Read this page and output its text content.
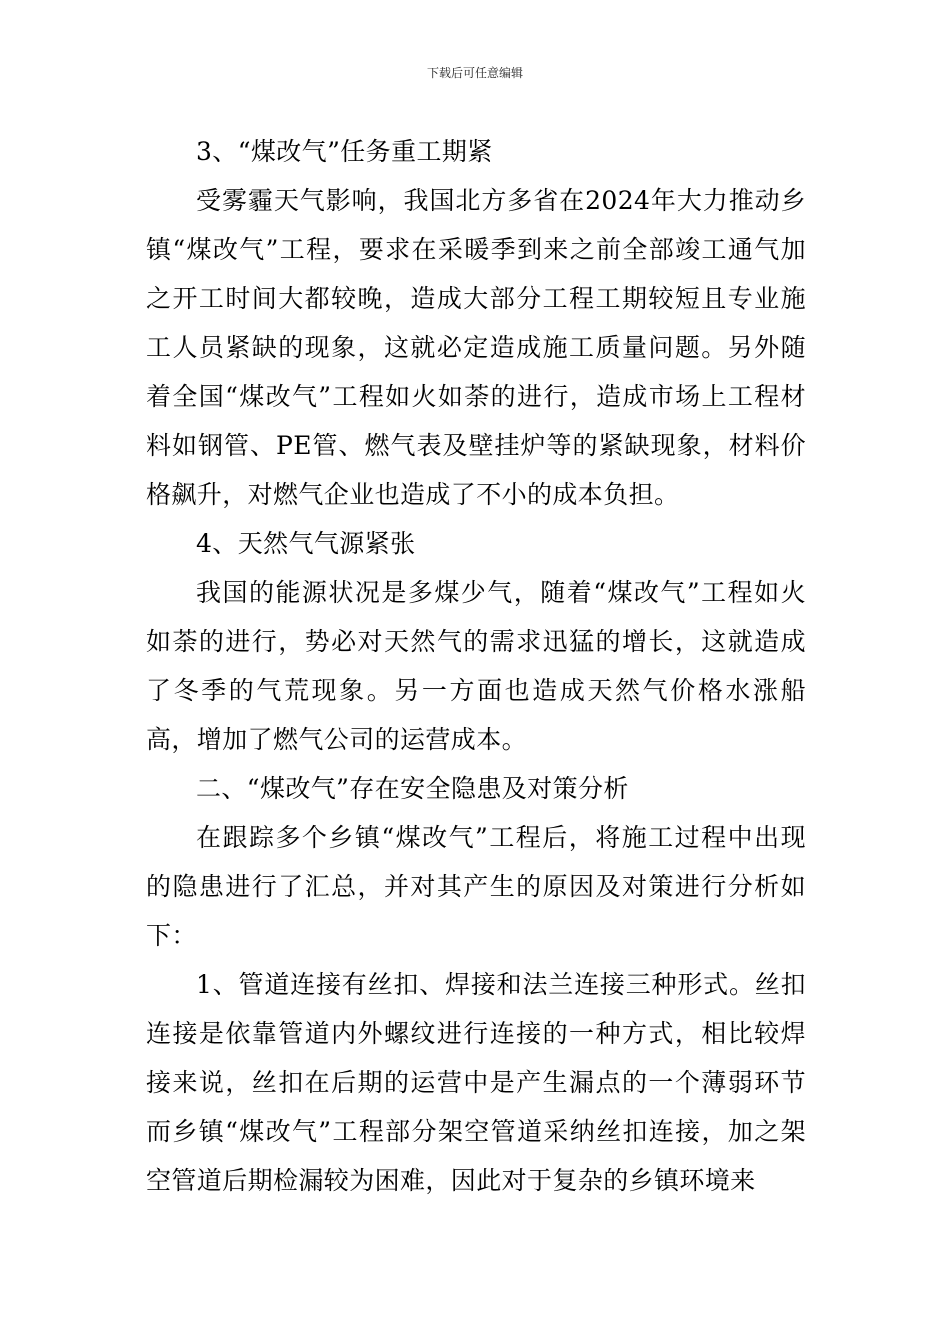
下载后可任意编辑

3、“煤改气”任务重工期紧

受雾霾天气影响，我国北方多省在2024年大力推动乡镇“煤改气”工程，要求在采暖季到来之前全部竣工通气加之开工时间大都较晚，造成大部分工程工期较短且专业施工人员紧缺的现象，这就必定造成施工质量问题。另外随着全国“煤改气”工程如火如荼的进行，造成市场上工程材料如钢管、PE管、燃气表及壁挂炉等的紧缺现象，材料价格飙升，对燃气企业也造成了不小的成本负担。

4、天然气气源紧张

我国的能源状况是多煤少气，随着“煤改气”工程如火如荼的进行，势必对天然气的需求迅猛的增长，这就造成了冬季的气荒现象。另一方面也造成天然气价格水涨船高，增加了燃气公司的运营成本。

二、“煤改气”存在安全隐患及对策分析

在跟踪多个乡镇“煤改气”工程后，将施工过程中出现的隐患进行了汇总，并对其产生的原因及对策进行分析如下：

1、管道连接有丝扣、焊接和法兰连接三种形式。丝扣连接是依靠管道内外螺纹进行连接的一种方式，相比较焊接来说，丝扣在后期的运营中是产生漏点的一个薄弱环节而乡镇“煤改气”工程部分架空管道采纳丝扣连接，加之架空管道后期检漏较为困难，因此对于复杂的乡镇环境来
